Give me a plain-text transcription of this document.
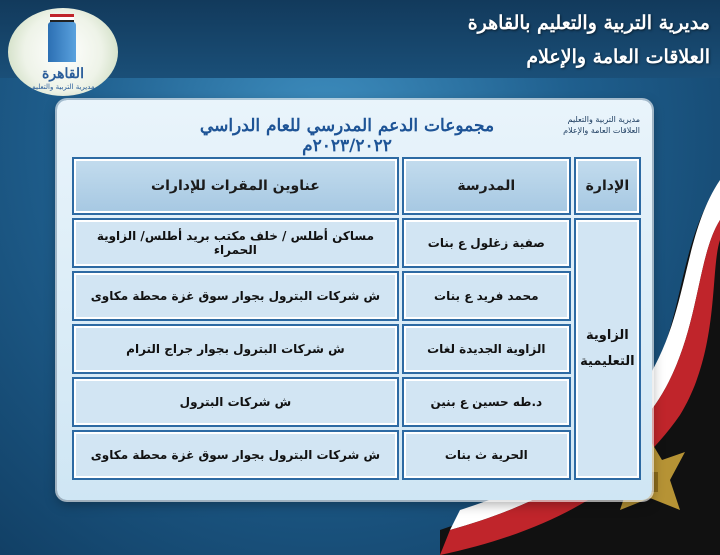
القاهرة
مديرية التربية والتعليم
مديرية التربية والتعليم بالقاهرة
العلاقات العامة والإعلام
مديرية التربية والتعليم
العلاقات العامة والإعلام
مجموعات الدعم المدرسي للعام الدراسي ٢٠٢٣/٢٠٢٢م
الإدارة	المدرسة	عناوين المقرات للإدارات

الزاوية
التعليمية	صفية زغلول ع بنات	مساكن أطلس / خلف مكتب بريد أطلس/ الزاوية الحمراء
	محمد فريد ع بنات	ش شركات البترول بجوار سوق غزة محطة مكاوى
	الزاوية الجديدة لغات	ش شركات البترول بجوار جراج الترام
	د.طه حسين ع بنين	ش شركات البترول
	الحرية ث بنات	ش شركات البترول بجوار سوق غزة محطة مكاوى
